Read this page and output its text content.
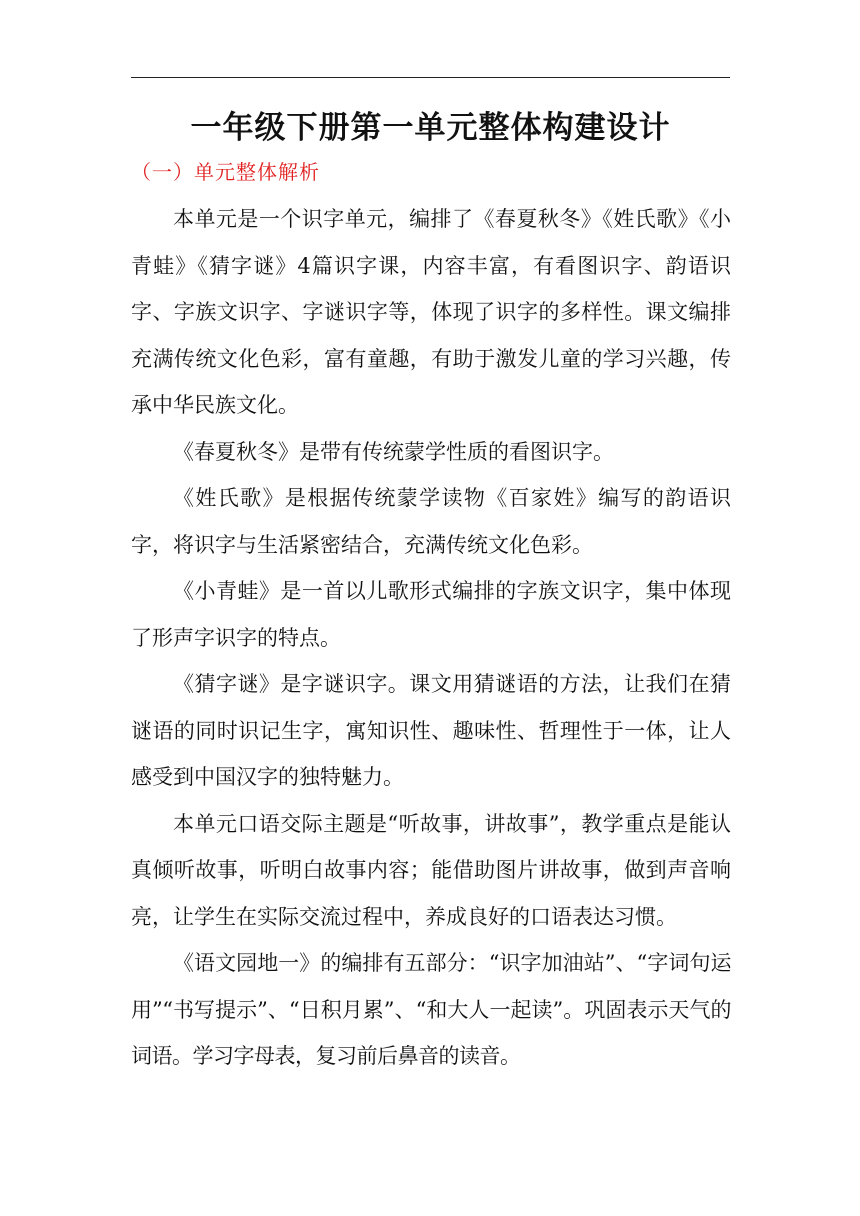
一年级下册第一单元整体构建设计
（一）单元整体解析

本单元是一个识字单元，编排了《春夏秋冬》《姓氏歌》《小青蛙》《猜字谜》4篇识字课，内容丰富，有看图识字、韵语识字、字族文识字、字谜识字等，体现了识字的多样性。课文编排充满传统文化色彩，富有童趣，有助于激发儿童的学习兴趣，传承中华民族文化。

《春夏秋冬》是带有传统蒙学性质的看图识字。

《姓氏歌》是根据传统蒙学读物《百家姓》编写的韵语识字，将识字与生活紧密结合，充满传统文化色彩。

《小青蛙》是一首以儿歌形式编排的字族文识字，集中体现了形声字识字的特点。

《猜字谜》是字谜识字。课文用猜谜语的方法，让我们在猜谜语的同时识记生字，寓知识性、趣味性、哲理性于一体，让人感受到中国汉字的独特魅力。

本单元口语交际主题是“听故事，讲故事”，教学重点是能认真倾听故事，听明白故事内容；能借助图片讲故事，做到声音响亮，让学生在实际交流过程中，养成良好的口语表达习惯。

《语文园地一》的编排有五部分：“识字加油站”、“字词句运用”“书写提示”、“日积月累”、“和大人一起读”。巩固表示天气的词语。学习字母表，复习前后鼻音的读音。
